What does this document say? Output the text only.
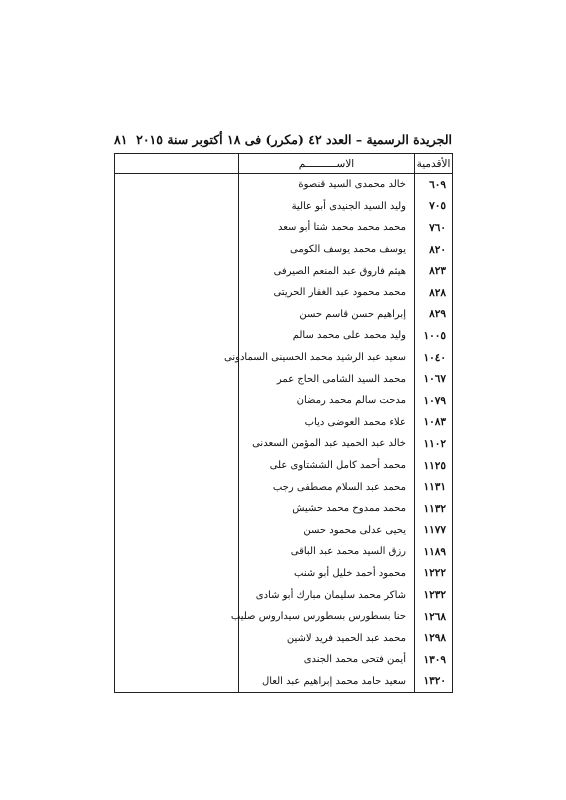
الجريدة الرسمية – العدد ٤٢ (مكرر) فى ١٨ أكتوبر سنة ٢٠١٥
٨١
الأقدمية	الاســــــــــم	
٦٠٩	خالد محمدى السيد قنصوة	
٧٠٥	وليد السيد الجنيدى أبو عالية	
٧٦٠	محمد محمد محمد شتا أبو سعد	
٨٢٠	يوسف محمد يوسف الكومى	
٨٢٣	هيثم فاروق عبد المنعم الصيرفى	
٨٢٨	محمد محمود عبد الغفار الحريتى	
٨٢٩	إبراهيم حسن قاسم حسن	
١٠٠٥	وليد محمد على محمد سالم	
١٠٤٠	سعيد عبد الرشيد محمد الحسينى السمادونى	
١٠٦٧	محمد السيد الشامى الحاج عمر	
١٠٧٩	مدحت سالم محمد رمضان	
١٠٨٣	علاء محمد العوضى دياب	
١١٠٢	خالد عبد الحميد عبد المؤمن السعدنى	
١١٢٥	محمد أحمد كامل الششتاوى على	
١١٣١	محمد عبد السلام مصطفى رجب	
١١٣٢	محمد ممدوح محمد حشيش	
١١٧٧	يحيى عدلى محمود حسن	
١١٨٩	رزق السيد محمد عبد الباقى	
١٢٢٢	محمود أحمد خليل أبو شنب	
١٢٣٢	شاكر محمد سليمان مبارك أبو شادى	
١٢٦٨	حنا بسطورس بسطورس سيداروس صليب	
١٢٩٨	محمد عبد الحميد فريد لاشين	
١٣٠٩	أيمن فتحى محمد الجندى	
١٣٢٠	سعيد حامد محمد إبراهيم عبد العال	
